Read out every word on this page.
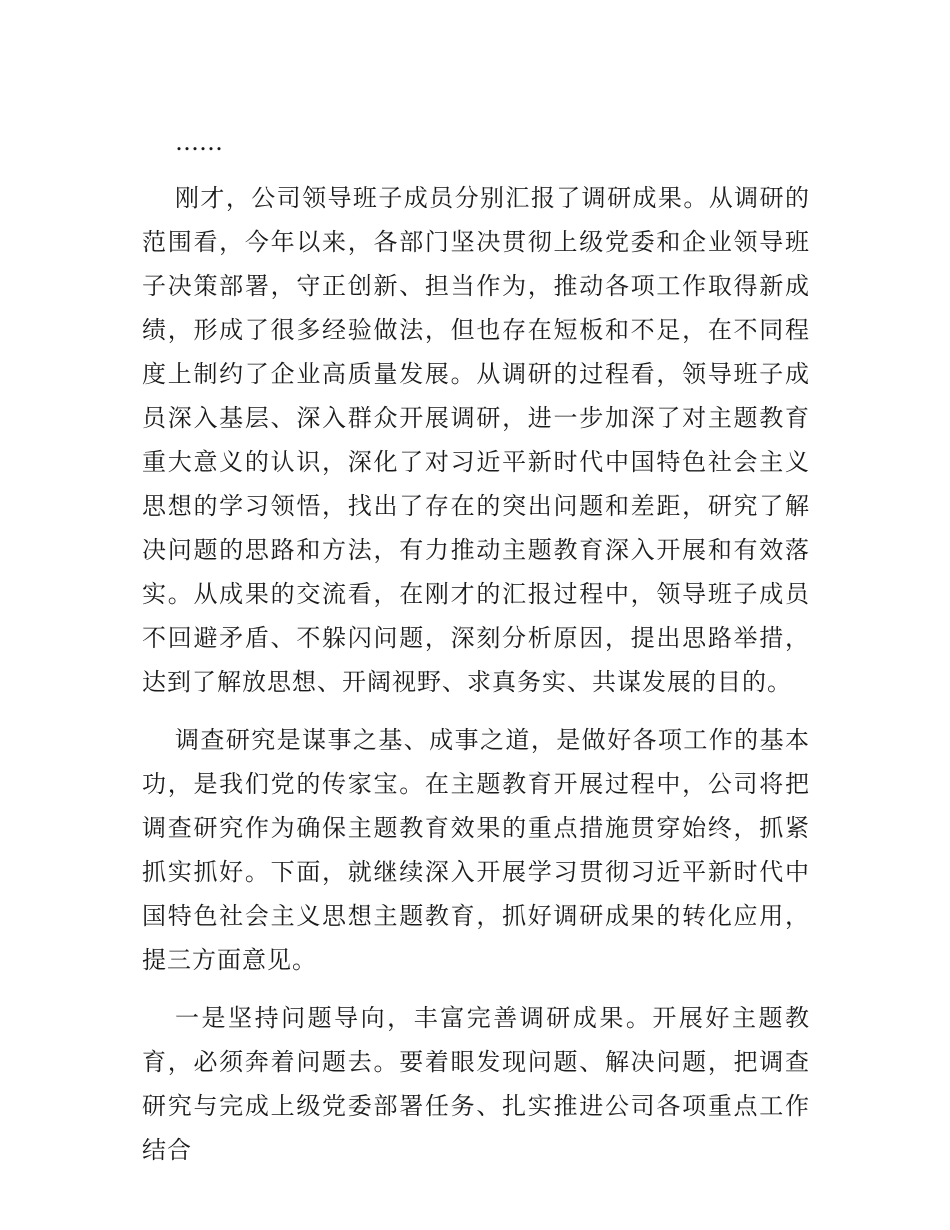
……

刚才，公司领导班子成员分别汇报了调研成果。从调研的范围看，今年以来，各部门坚决贯彻上级党委和企业领导班子决策部署，守正创新、担当作为，推动各项工作取得新成绩，形成了很多经验做法，但也存在短板和不足，在不同程度上制约了企业高质量发展。从调研的过程看，领导班子成员深入基层、深入群众开展调研，进一步加深了对主题教育重大意义的认识，深化了对习近平新时代中国特色社会主义思想的学习领悟，找出了存在的突出问题和差距，研究了解决问题的思路和方法，有力推动主题教育深入开展和有效落实。从成果的交流看，在刚才的汇报过程中，领导班子成员不回避矛盾、不躲闪问题，深刻分析原因，提出思路举措，达到了解放思想、开阔视野、求真务实、共谋发展的目的。

调查研究是谋事之基、成事之道，是做好各项工作的基本功，是我们党的传家宝。在主题教育开展过程中，公司将把调查研究作为确保主题教育效果的重点措施贯穿始终，抓紧抓实抓好。下面，就继续深入开展学习贯彻习近平新时代中国特色社会主义思想主题教育，抓好调研成果的转化应用，提三方面意见。

一是坚持问题导向，丰富完善调研成果。开展好主题教育，必须奔着问题去。要着眼发现问题、解决问题，把调查研究与完成上级党委部署任务、扎实推进公司各项重点工作结合
